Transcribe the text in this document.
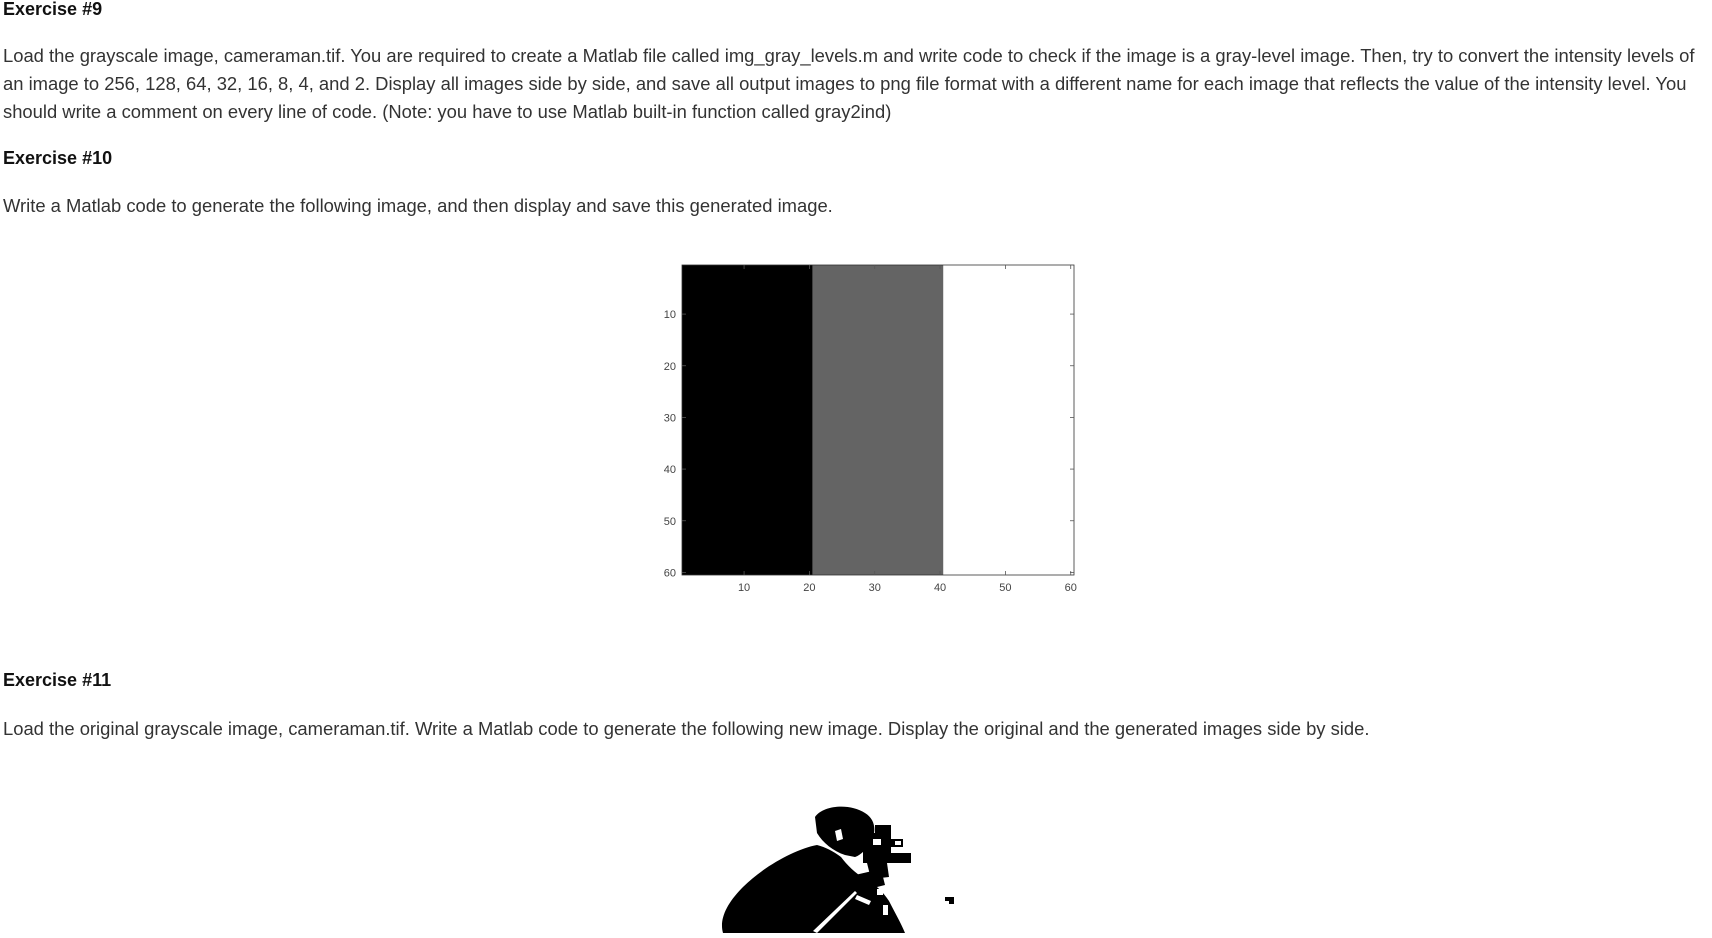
Exercise #9

Load the grayscale image, cameraman.tif. You are required to create a Matlab file called img_gray_levels.m and write code to check if the image is a gray-level image. Then, try to convert the intensity levels of an image to 256, 128, 64, 32, 16, 8, 4, and 2. Display all images side by side, and save all output images to png file format with a different name for each image that reflects the value of the intensity level. You should write a comment on every line of code. (Note: you have to use Matlab built-in function called gray2ind)

Exercise #10

Write a Matlab code to generate the following image, and then display and save this generated image.

10	20	30	40	50	60
10
20
30
40
50
60
Exercise #11

Load the original grayscale image, cameraman.tif. Write a Matlab code to generate the following new image. Display the original and the generated images side by side.
